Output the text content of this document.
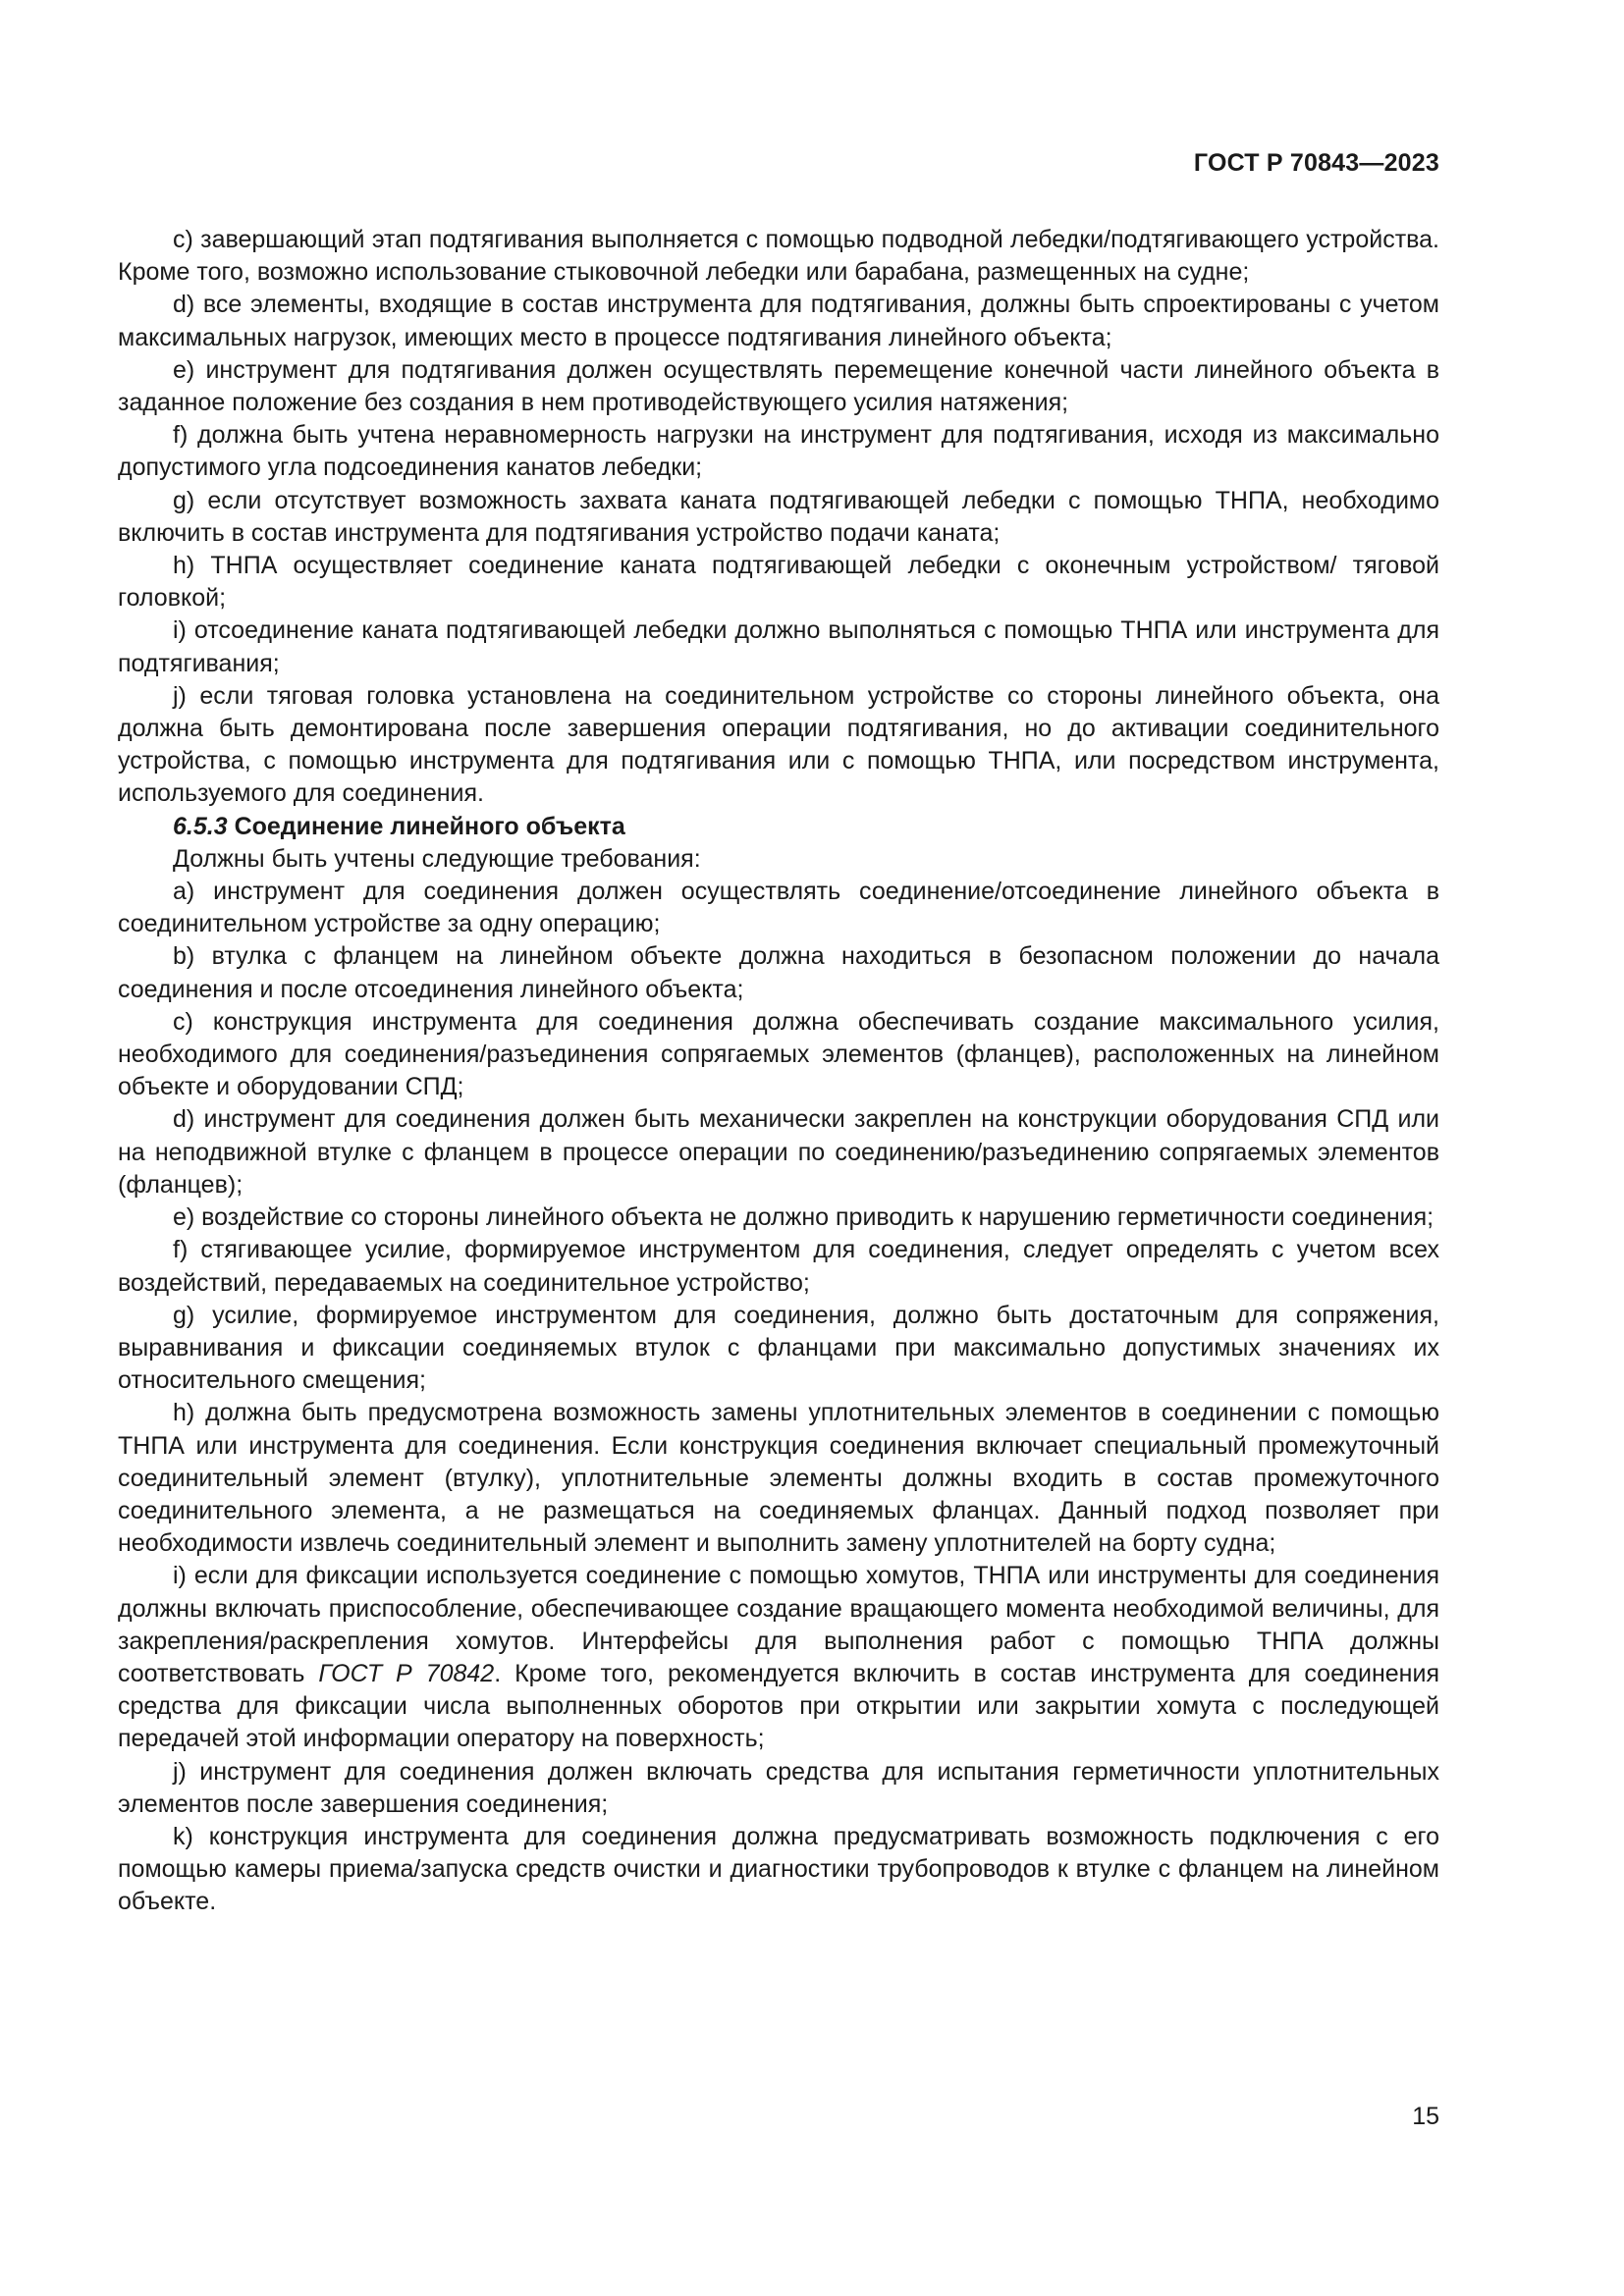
ГОСТ Р 70843—2023

c) завершающий этап подтягивания выполняется с помощью подводной лебедки/подтягивающего устройства. Кроме того, возможно использование стыковочной лебедки или барабана, размещенных на судне;

d) все элементы, входящие в состав инструмента для подтягивания, должны быть спроектированы с учетом максимальных нагрузок, имеющих место в процессе подтягивания линейного объекта;

e) инструмент для подтягивания должен осуществлять перемещение конечной части линейного объекта в заданное положение без создания в нем противодействующего усилия натяжения;

f) должна быть учтена неравномерность нагрузки на инструмент для подтягивания, исходя из максимально допустимого угла подсоединения канатов лебедки;

g) если отсутствует возможность захвата каната подтягивающей лебедки с помощью ТНПА, необходимо включить в состав инструмента для подтягивания устройство подачи каната;

h) ТНПА осуществляет соединение каната подтягивающей лебедки с оконечным устройством/ тяговой головкой;

i) отсоединение каната подтягивающей лебедки должно выполняться с помощью ТНПА или инструмента для подтягивания;

j) если тяговая головка установлена на соединительном устройстве со стороны линейного объекта, она должна быть демонтирована после завершения операции подтягивания, но до активации соединительного устройства, с помощью инструмента для подтягивания или с помощью ТНПА, или посредством инструмента, используемого для соединения.

6.5.3 Соединение линейного объекта

Должны быть учтены следующие требования:

a) инструмент для соединения должен осуществлять соединение/отсоединение линейного объекта в соединительном устройстве за одну операцию;

b) втулка с фланцем на линейном объекте должна находиться в безопасном положении до начала соединения и после отсоединения линейного объекта;

c) конструкция инструмента для соединения должна обеспечивать создание максимального усилия, необходимого для соединения/разъединения сопрягаемых элементов (фланцев), расположенных на линейном объекте и оборудовании СПД;

d) инструмент для соединения должен быть механически закреплен на конструкции оборудования СПД или на неподвижной втулке с фланцем в процессе операции по соединению/разъединению сопрягаемых элементов (фланцев);

e) воздействие со стороны линейного объекта не должно приводить к нарушению герметичности соединения;

f) стягивающее усилие, формируемое инструментом для соединения, следует определять с учетом всех воздействий, передаваемых на соединительное устройство;

g) усилие, формируемое инструментом для соединения, должно быть достаточным для сопряжения, выравнивания и фиксации соединяемых втулок с фланцами при максимально допустимых значениях их относительного смещения;

h) должна быть предусмотрена возможность замены уплотнительных элементов в соединении с помощью ТНПА или инструмента для соединения. Если конструкция соединения включает специальный промежуточный соединительный элемент (втулку), уплотнительные элементы должны входить в состав промежуточного соединительного элемента, а не размещаться на соединяемых фланцах. Данный подход позволяет при необходимости извлечь соединительный элемент и выполнить замену уплотнителей на борту судна;

i) если для фиксации используется соединение с помощью хомутов, ТНПА или инструменты для соединения должны включать приспособление, обеспечивающее создание вращающего момента необходимой величины, для закрепления/раскрепления хомутов. Интерфейсы для выполнения работ с помощью ТНПА должны соответствовать ГОСТ Р 70842. Кроме того, рекомендуется включить в состав инструмента для соединения средства для фиксации числа выполненных оборотов при открытии или закрытии хомута с последующей передачей этой информации оператору на поверхность;

j) инструмент для соединения должен включать средства для испытания герметичности уплотнительных элементов после завершения соединения;

k) конструкция инструмента для соединения должна предусматривать возможность подключения с его помощью камеры приема/запуска средств очистки и диагностики трубопроводов к втулке с фланцем на линейном объекте.

15
